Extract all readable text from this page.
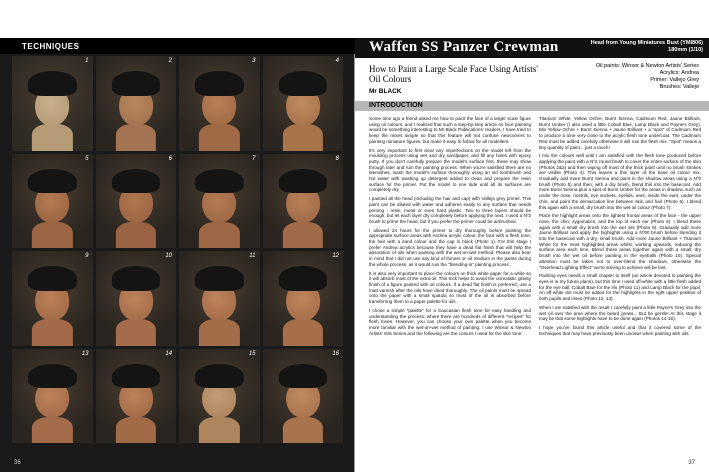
TECHNIQUES
1	2	3	4
5	6	7	8
9	10	11	12
13	14	15	16
36
Waffen SS Panzer Crewman	Head from Young Miniatures Bust (YMI806)
180mm (1/10)
How to Paint a Large Scale Face Using Artists' Oil Colours
Mr BLACK
Oil paints: Winsor & Newton Artists' Series
Acrylics: Andrea
Primer: Vallejo Grey
Brushes: Vallejo
INTRODUCTION

Some time ago a friend asked me how to paint the face of a larger scale figure using oil colours, and I realized that such a step-by-step article on face painting would be something interesting to Mr Black Publications' readers. I have tried to keep the mixes simple so that this feature will not confuse newcomers to painting miniature figures, but make it easy to follow for all modellers.

It's very important to first clear any imperfections on the model left from the moulding process using wet and dry sandpaper, and fill any holes with epoxy putty. If you don't carefully prepare the model's surface first, these may show through later and ruin the painting process. When you're satisfied there are no blemishes, wash the model's surface thoroughly using an old toothbrush and hot water with washing up detergent added to clean and prepare the resin surface for the primer. Put the model to one side until all its surfaces are completely dry.

I painted all the head (including the hair and cap) with Vallejo grey primer. This paint can be diluted with water and adheres easily to any surface that needs priming - resin, metal or even hard plastic. Two to three layers should be enough, but let each layer dry completely before applying the next. I used a Nº2 brush to prime the head, but if you prefer the primer could be airbrushed.

I allowed 24 hours for the primer to dry thoroughly before painting the appropriate surface areas with Andrea acrylic colour, the face with a flesh tone, the hair with a sand colour and the cap in black (Photo 1). For this stage I prefer Andrea acrylics because they have a dead flat finish that will help the absorption of oils when painting with the wet-on-wet method. Please also bear in mind that I did not use any kind of thinner or oil medium in the paints during the whole process, as it would ruin the "blending-in" painting process.

It is also very important to place the colours on thick white paper for a while so it will absorb most of the extra oil. This trick helps to avoid the unrealistic glossy finish of a figure painted with oil colours. If a dead flat finish is preferred, use a matt varnish after the oils have dried thoroughly. The oil paints must be spread onto the paper with a small spatula so most of the oil is absorbed before transferring them to a paper palette for oils.

I chose a simple "palette" for a Caucasian flesh tone for easy handling and understanding the process: where there are hundreds of different "recipes" for flesh tones. However, you can choose your own palette when you become more familiar with the wet-on-wet method of painting. I use Winsor & Newton Artists' Oils Series and the following are the colours I used for the skin tone:

Titanium White, Yellow Ochre, Burnt Sienna, Cadmium Red, Jaune Brilliant, Burnt Umber (I also used a little Cobalt Blue, Lamp Black and Payne's Grey). Mix Yellow Ochre + Burnt Sienna + Jaune Brilliant + a "spot" of Cadmium Red to produce a tone very close to the acrylic flesh tone undercoat. The Cadmium Red must be added carefully otherwise it will ruin the flesh mix. "Spot" means a tiny quantity of paint... just a touch!

I mix the colours well until I am satisfied with the flesh tone produced before applying the paint with a Nº2 round brush to cover the entire surface of the skin (Photos 2&3) and then wiping off most of the thick paint until no brush strokes are visible (Photo 4). This leaves a thin layer of the base oil colour mix. Gradually add more Burnt Sienna and paint in the shadow areas using a Nº0 brush (Photo 5) and then, with a dry brush, blend this into the basecoat. Add more Burnt Sienna plus a spot of Burnt Umber for the areas in shadow, such as under the nose, nostrils, eye sockets, eyelids, ears, inside the ears, under the chin, and paint the demarcation line between skin and hair (Photo 6). I blend this again with a small, dry brush into the wet oil colour (Photo 7).

Place the highlight areas onto the lightest frontal areas of the face - the upper nose, the chin, zygomatics, and the top of each ear (Photo 8). I blend these again with a small dry brush into the wet oils (Photo 9). Gradually add more Jaune Brilliant and apply the highlights using a Nº00 brush before blending it into the basecoat with a dry, small brush. Add more Jaune Brilliant + Titanium White for the most highlighted areas whilst, working upwards, reducing the surface area each time. Blend these areas together again with a small, dry brush into the wet oil before painting in the eyeballs (Photo 10). Special attention must be taken not to over-blend the shadows, otherwise the "Overhead Lighting Effect" we're striving to achieve will be lost.

Painting eyes needs a small chapter to itself (an article devoted to painting the eyes is in my future plans), but this time I used off-white with a little flesh added for the eye ball; Cobalt Blue for the iris (Photo 11) and Lamp Black for the pupil. An off-white dot must be added for the highlights in the right upper position of both pupils and irises (Photo 12, 13).

When I am satisfied with the result I carefully paint a little Payne's Grey into the wet oil over the area where the beard grows... But be gentle! At this stage it may be that some highlights have to be done again (Photos 14-16).

I hope you've found this article useful and that it covered some of the techniques that may have previously been unclear when painting with oils.

37
